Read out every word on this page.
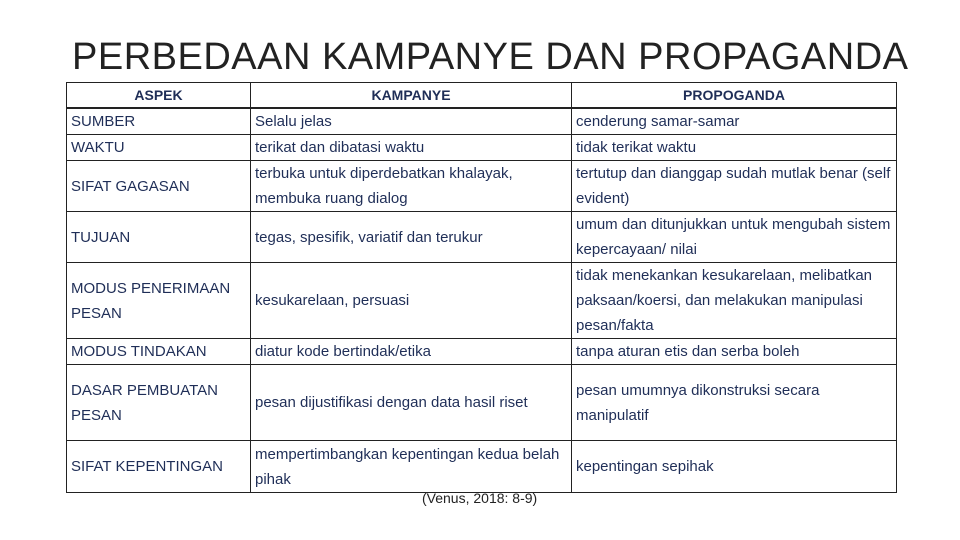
PERBEDAAN KAMPANYE DAN PROPAGANDA
ASPEK	KAMPANYE	PROPOGANDA
SUMBER	Selalu jelas	cenderung samar-samar
WAKTU	terikat dan dibatasi waktu	tidak terikat waktu
SIFAT GAGASAN	terbuka untuk diperdebatkan khalayak, membuka ruang dialog	tertutup dan dianggap sudah mutlak benar (self evident)
TUJUAN	tegas, spesifik, variatif dan terukur	umum dan ditunjukkan untuk mengubah sistem kepercayaan/ nilai
MODUS PENERIMAAN PESAN	kesukarelaan, persuasi	tidak menekankan kesukarelaan, melibatkan paksaan/koersi, dan melakukan manipulasi pesan/fakta
MODUS TINDAKAN	diatur kode bertindak/etika	tanpa aturan etis dan serba boleh
DASAR PEMBUATAN PESAN	pesan dijustifikasi dengan data hasil riset	pesan umumnya dikonstruksi secara manipulatif
SIFAT KEPENTINGAN	mempertimbangkan kepentingan kedua belah pihak	kepentingan sepihak
(Venus, 2018: 8-9)
